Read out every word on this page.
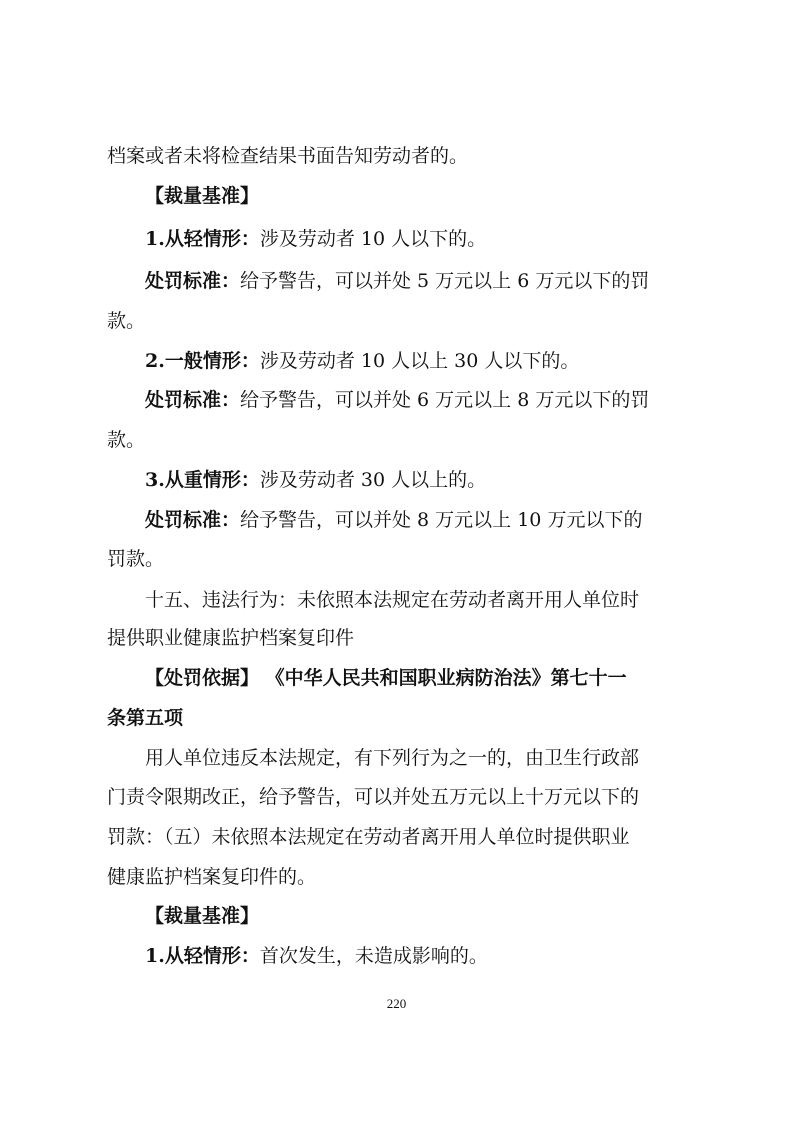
档案或者未将检查结果书面告知劳动者的。
【裁量基准】
1.从轻情形：涉及劳动者 10 人以下的。
处罚标准：给予警告，可以并处 5 万元以上 6 万元以下的罚
款。
2.一般情形：涉及劳动者 10 人以上 30 人以下的。
处罚标准：给予警告，可以并处 6 万元以上 8 万元以下的罚
款。
3.从重情形：涉及劳动者 30 人以上的。
处罚标准：给予警告，可以并处 8 万元以上 10 万元以下的
罚款。
十五、违法行为：未依照本法规定在劳动者离开用人单位时
提供职业健康监护档案复印件
【处罚依据】 《中华人民共和国职业病防治法》第七十一
条第五项
用人单位违反本法规定，有下列行为之一的，由卫生行政部
门责令限期改正，给予警告，可以并处五万元以上十万元以下的
罚款：（五）未依照本法规定在劳动者离开用人单位时提供职业
健康监护档案复印件的。
【裁量基准】
1.从轻情形：首次发生，未造成影响的。
220
